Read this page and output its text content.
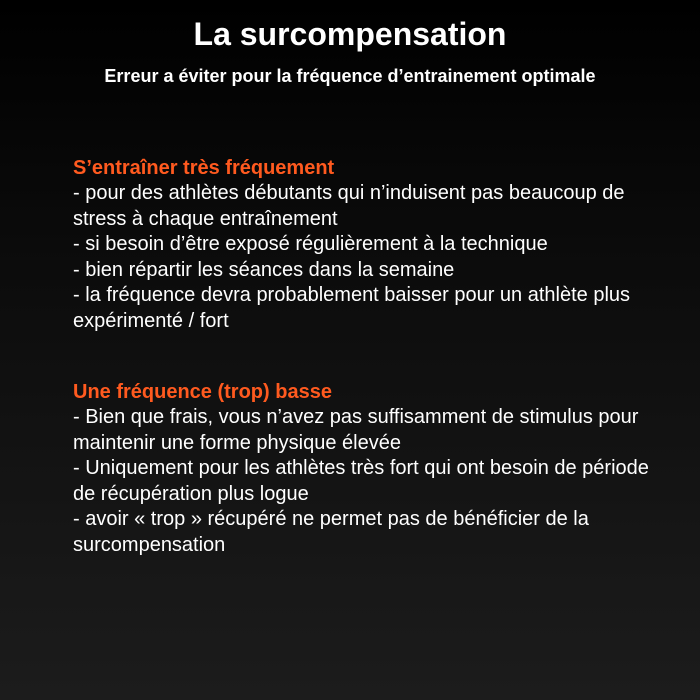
La surcompensation
Erreur a éviter pour la fréquence d’entrainement optimale
S’entraîner très fréquement
- pour des athlètes débutants qui n’induisent pas beaucoup de stress à chaque entraînement
- si besoin d’être exposé régulièrement à la technique
- bien répartir les séances dans la semaine
- la fréquence devra probablement baisser pour un athlète plus expérimenté / fort
Une fréquence (trop) basse
- Bien que frais, vous n’avez pas suffisamment de stimulus pour maintenir une forme physique élevée
- Uniquement pour les athlètes très fort qui ont besoin de période de récupération plus logue
- avoir « trop » récupéré ne permet pas de bénéficier de la surcompensation
